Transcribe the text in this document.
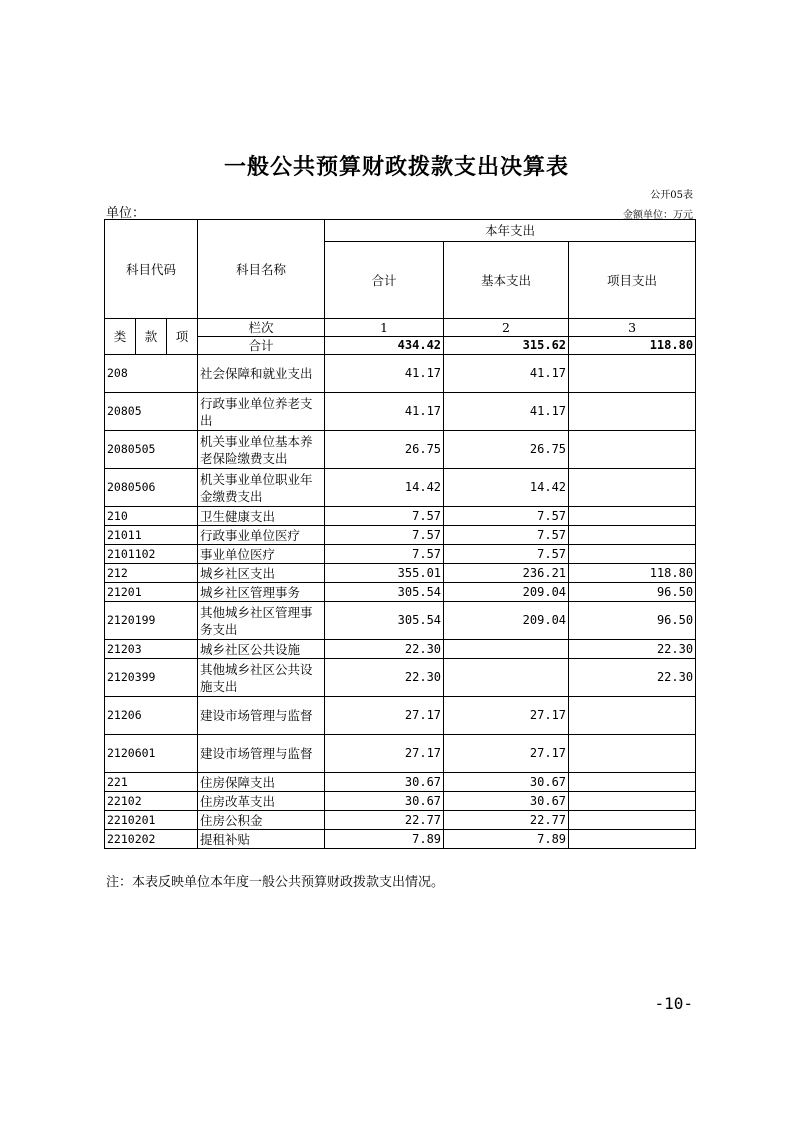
一般公共预算财政拨款支出决算表
公开05表
单位：	金额单位：万元
科目代码			科目名称	本年支出		
				合计	基本支出	项目支出
类	款	项	栏次	1	2	3
			合计	434.42	315.62	118.80
208			社会保障和就业支出	41.17	41.17	
20805			行政事业单位养老支出	41.17	41.17	
2080505			机关事业单位基本养老保险缴费支出	26.75	26.75	
2080506			机关事业单位职业年金缴费支出	14.42	14.42	
210			卫生健康支出	7.57	7.57	
21011			行政事业单位医疗	7.57	7.57	
2101102			事业单位医疗	7.57	7.57	
212			城乡社区支出	355.01	236.21	118.80
21201			城乡社区管理事务	305.54	209.04	96.50
2120199			其他城乡社区管理事务支出	305.54	209.04	96.50
21203			城乡社区公共设施	22.30		22.30
2120399			其他城乡社区公共设施支出	22.30		22.30
21206			建设市场管理与监督	27.17	27.17	
2120601			建设市场管理与监督	27.17	27.17	
221			住房保障支出	30.67	30.67	
22102			住房改革支出	30.67	30.67	
2210201			住房公积金	22.77	22.77	
2210202			提租补贴	7.89	7.89	
注：本表反映单位本年度一般公共预算财政拨款支出情况。
-10-
